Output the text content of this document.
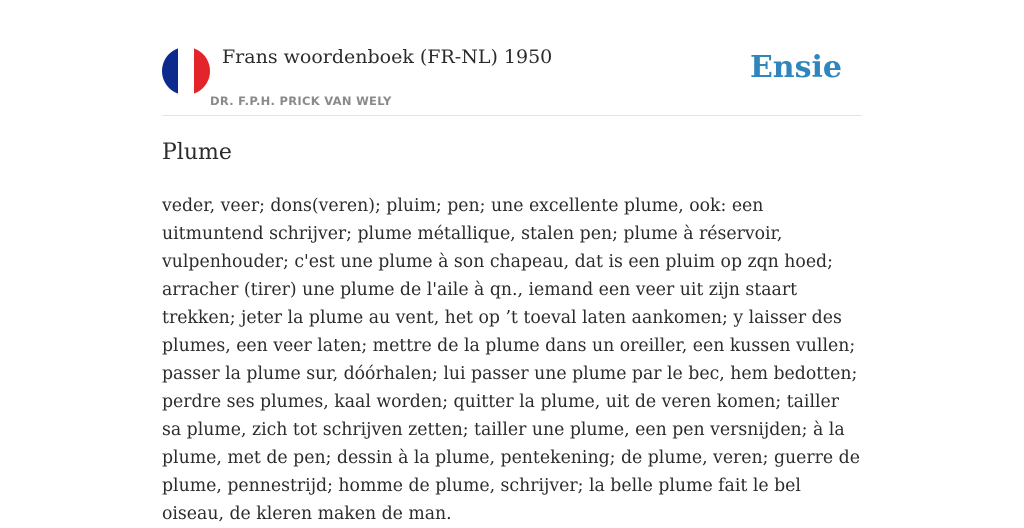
Frans woordenboek (FR-NL) 1950
DR. F.P.H. PRICK VAN WELY
Ensie
Plume

veder, veer; dons(veren); pluim; pen; une excellente plume, ook: een uitmuntend schrijver; plume métallique, stalen pen; plume à réservoir, vulpenhouder; c'est une plume à son chapeau, dat is een pluim op zqn hoed; arracher (tirer) une plume de l'aile à qn., iemand een veer uit zijn staart trekken; jeter la plume au vent, het op ’t toeval laten aankomen; y laisser des plumes, een veer laten; mettre de la plume dans un oreiller, een kussen vullen; passer la plume sur, dóórhalen; lui passer une plume par le bec, hem bedotten; perdre ses plumes, kaal worden; quitter la plume, uit de veren komen; tailler sa plume, zich tot schrijven zetten; tailler une plume, een pen versnijden; à la plume, met de pen; dessin à la plume, pentekening; de plume, veren; guerre de plume, pennestrijd; homme de plume, schrijver; la belle plume fait le bel oiseau, de kleren maken de man.
